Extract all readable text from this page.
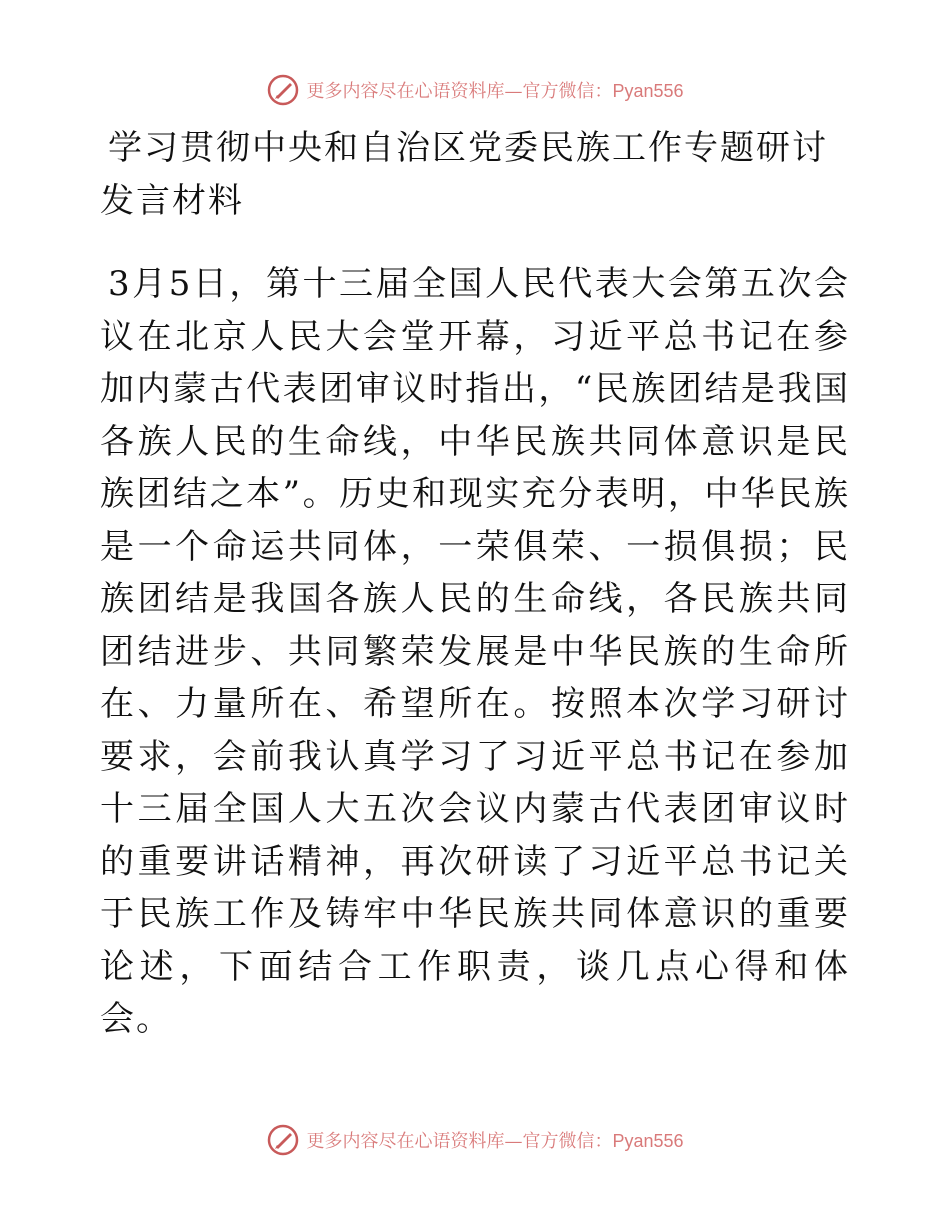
更多内容尽在心语资料库—官方微信：Pyan556
学习贯彻中央和自治区党委民族工作专题研讨发言材料

3月5日，第十三届全国人民代表大会第五次会议在北京人民大会堂开幕，习近平总书记在参加内蒙古代表团审议时指出，“民族团结是我国各族人民的生命线，中华民族共同体意识是民族团结之本”。历史和现实充分表明，中华民族是一个命运共同体，一荣俱荣、一损俱损；民族团结是我国各族人民的生命线，各民族共同团结进步、共同繁荣发展是中华民族的生命所在、力量所在、希望所在。按照本次学习研讨要求，会前我认真学习了习近平总书记在参加十三届全国人大五次会议内蒙古代表团审议时的重要讲话精神，再次研读了习近平总书记关于民族工作及铸牢中华民族共同体意识的重要论述，下面结合工作职责，谈几点心得和体会。

更多内容尽在心语资料库—官方微信：Pyan556
